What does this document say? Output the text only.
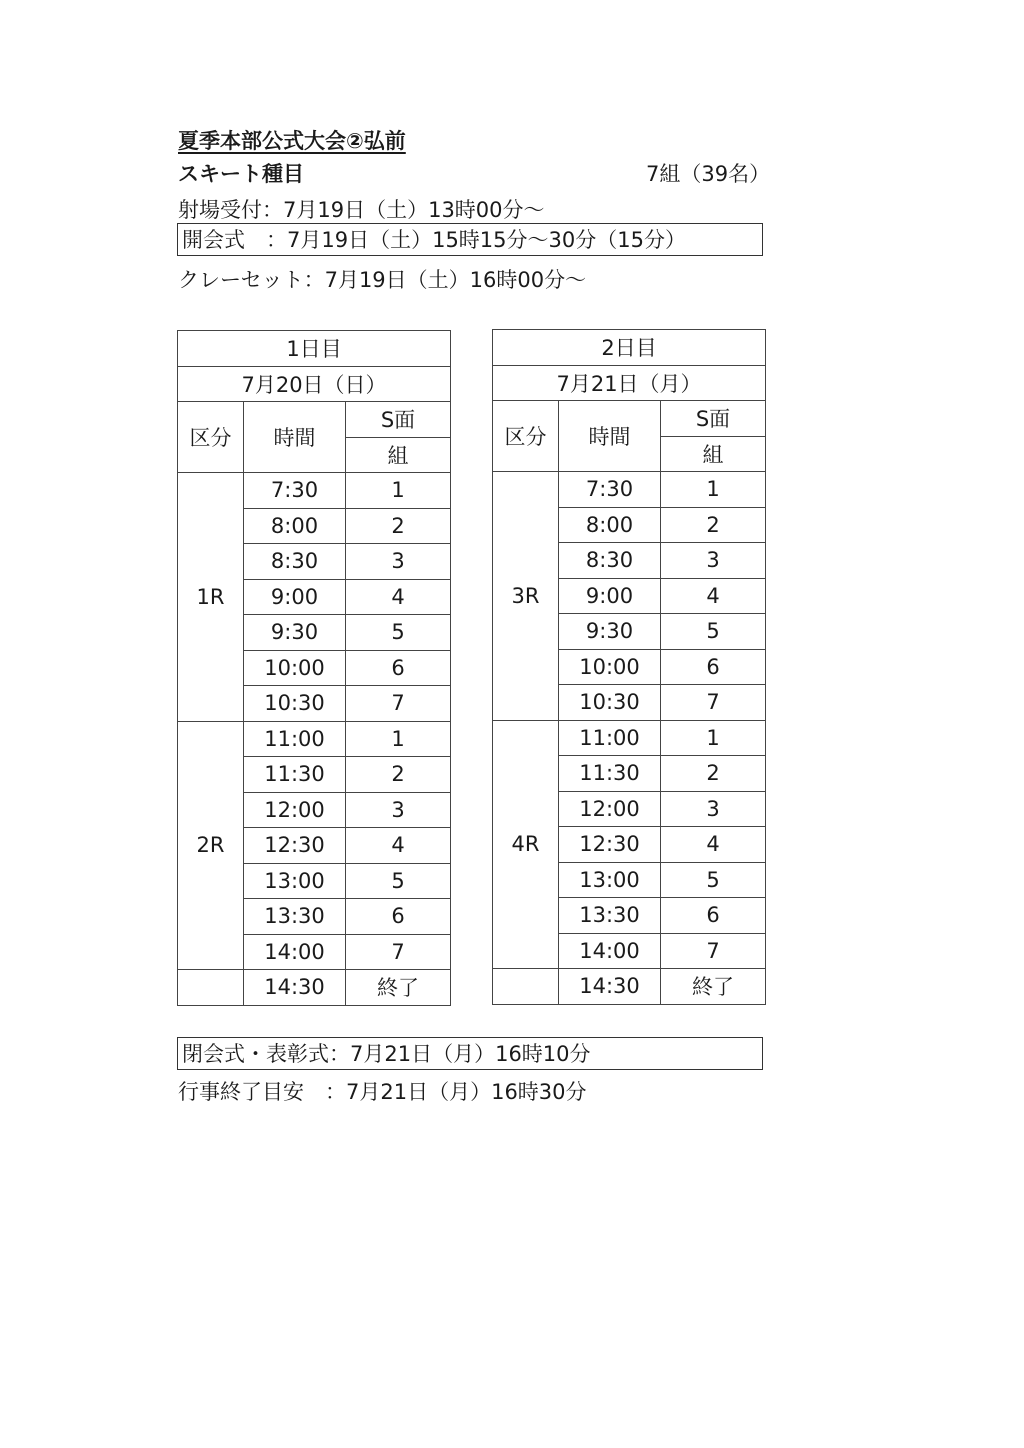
夏季本部公式大会②弘前
スキート種目	7組（39名）
射場受付：7月19日（土）13時00分～
開会式　：7月19日（土）15時15分～30分（15分）
クレーセット：7月19日（土）16時00分～
1日目		
7月20日（日）		
区分	時間	S面
		組
1R	7:30	1
	8:00	2
	8:30	3
	9:00	4
	9:30	5
	10:00	6
	10:30	7
2R	11:00	1
	11:30	2
	12:00	3
	12:30	4
	13:00	5
	13:30	6
	14:00	7
	14:30	終了
2日目		
7月21日（月）		
区分	時間	S面
		組
3R	7:30	1
	8:00	2
	8:30	3
	9:00	4
	9:30	5
	10:00	6
	10:30	7
4R	11:00	1
	11:30	2
	12:00	3
	12:30	4
	13:00	5
	13:30	6
	14:00	7
	14:30	終了
閉会式・表彰式：7月21日（月）16時10分
行事終了目安　：7月21日（月）16時30分
